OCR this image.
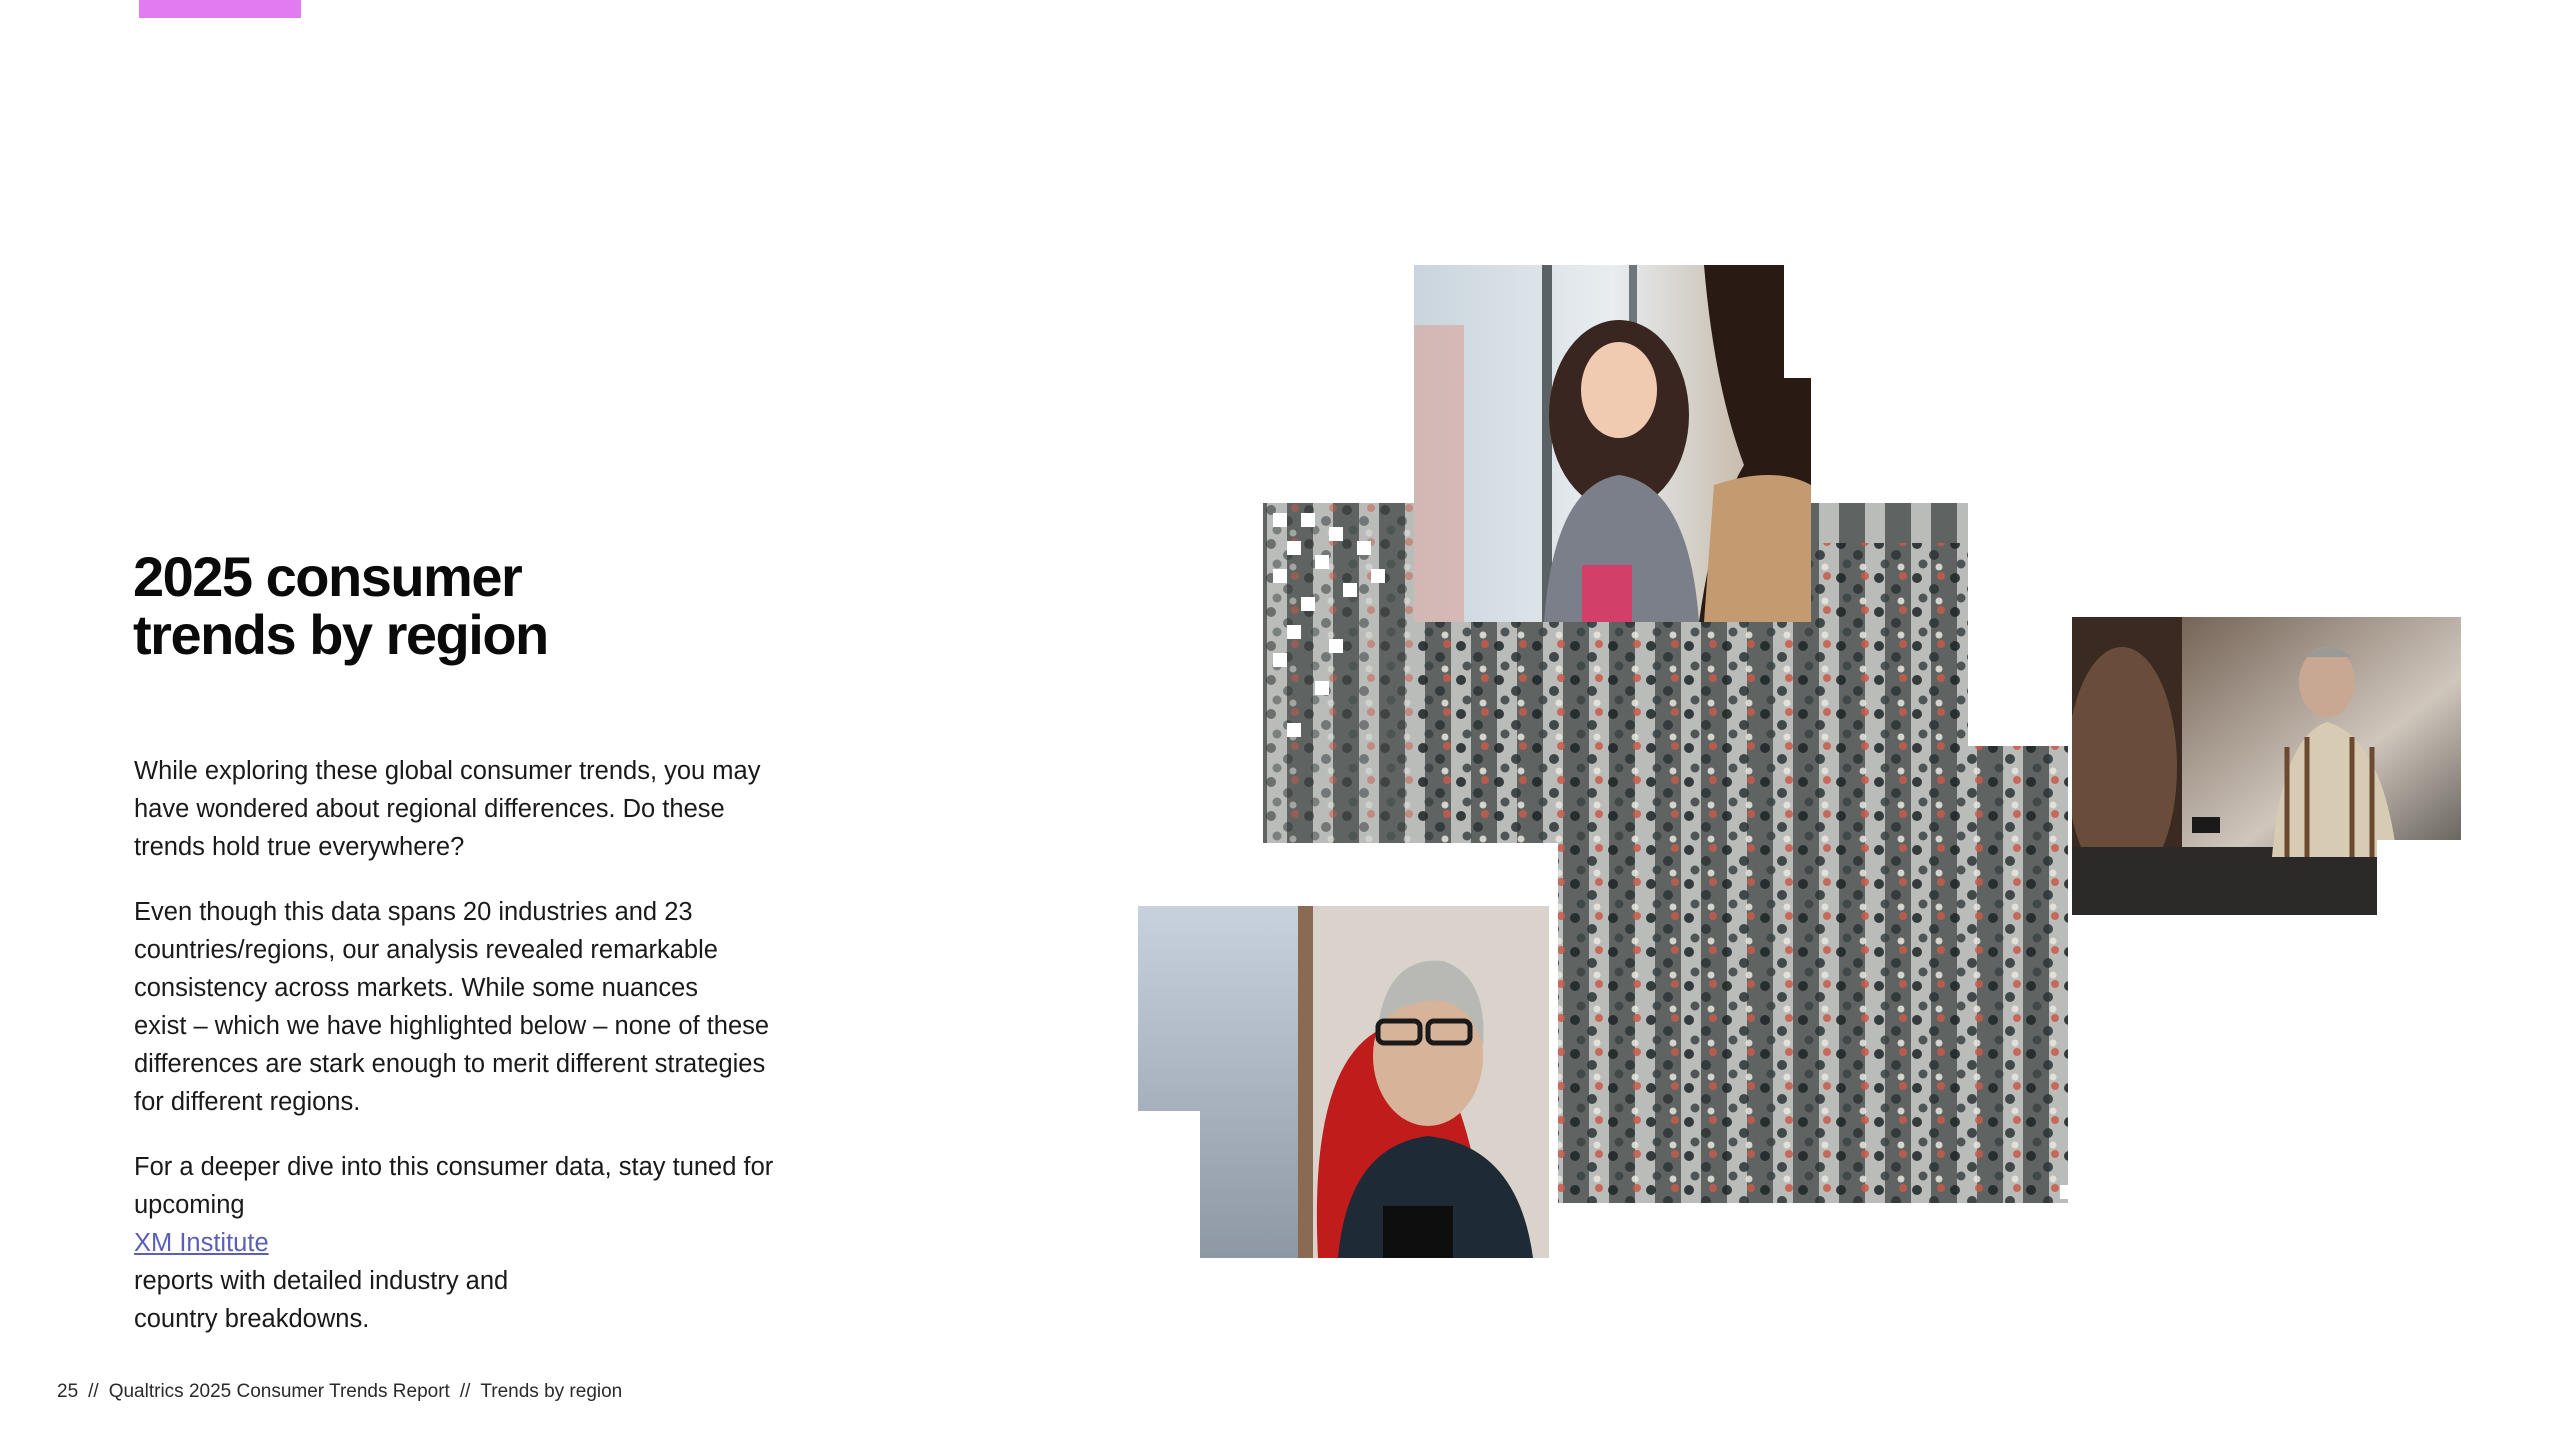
2025 consumer
trends by region

While exploring these global consumer trends, you may
have wondered about regional differences. Do these
trends hold true everywhere?

Even though this data spans 20 industries and 23
countries/regions, our analysis revealed remarkable
consistency across markets. While some nuances
exist – which we have highlighted below – none of these
differences are stark enough to merit different strategies
for different regions.

For a deeper dive into this consumer data, stay tuned for
upcoming
XM Institute
reports with detailed industry and
country breakdowns.

25 // Qualtrics 2025 Consumer Trends Report // Trends by region
